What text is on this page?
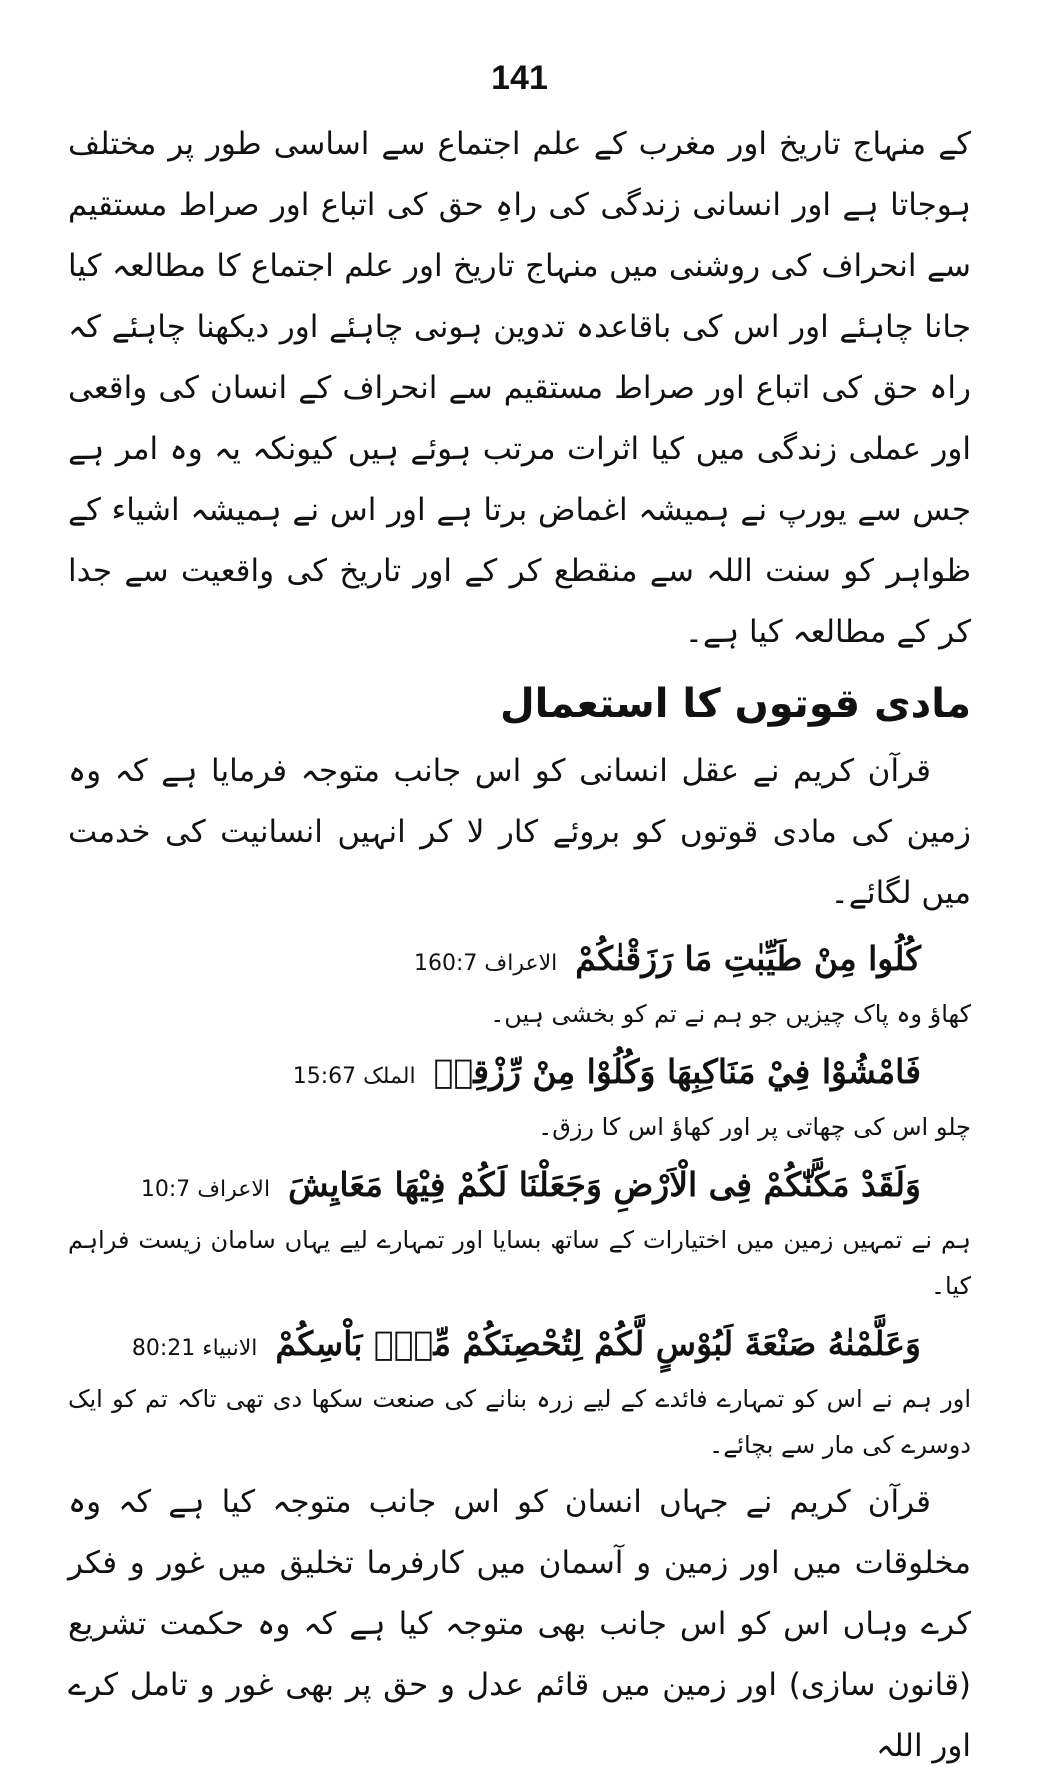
141

کے منہاج تاریخ اور مغرب کے علم اجتماع سے اساسی طور پر مختلف ہوجاتا ہے اور انسانی زندگی کی راہِ حق کی اتباع اور صراط مستقیم سے انحراف کی روشنی میں منہاج تاریخ اور علم اجتماع کا مطالعہ کیا جانا چاہئے اور اس کی باقاعدہ تدوین ہونی چاہئے اور دیکھنا چاہئے کہ راہ حق کی اتباع اور صراط مستقیم سے انحراف کے انسان کی واقعی اور عملی زندگی میں کیا اثرات مرتب ہوئے ہیں کیونکہ یہ وہ امر ہے جس سے یورپ نے ہمیشہ اغماض برتا ہے اور اس نے ہمیشہ اشیاء کے ظواہر کو سنت اللہ سے منقطع کر کے اور تاریخ کی واقعیت سے جدا کر کے مطالعہ کیا ہے۔

مادی قوتوں کا استعمال

قرآن کریم نے عقل انسانی کو اس جانب متوجہ فرمایا ہے کہ وہ زمین کی مادی قوتوں کو بروئے کار لا کر انہیں انسانیت کی خدمت میں لگائے۔

كُلُوا مِنْ طَيِّبٰتِ مَا رَزَقْنٰكُمْ
الاعراف 160:7

کھاؤ وہ پاک چیزیں جو ہم نے تم کو بخشی ہیں۔

فَامْشُوْا فِيْ مَنَاكِبِهَا وَكُلُوْا مِنْ رِّزْقِهٖ
الملک 15:67

چلو اس کی چھاتی پر اور کھاؤ اس کا رزق۔

وَلَقَدْ مَكَّنّٰكُمْ فِى الْاَرْضِ وَجَعَلْنَا لَكُمْ فِيْهَا مَعَايِشَ
الاعراف 10:7

ہم نے تمہیں زمین میں اختیارات کے ساتھ بسایا اور تمہارے لیے یہاں سامان زیست فراہم کیا۔

وَعَلَّمْنٰهُ صَنْعَةَ لَبُوْسٍ لَّكُمْ لِتُحْصِنَكُمْ مِّنْۢ بَاْسِكُمْ
الانبیاء 80:21

اور ہم نے اس کو تمہارے فائدے کے لیے زرہ بنانے کی صنعت سکھا دی تھی تاکہ تم کو ایک دوسرے کی مار سے بچائے۔

قرآن کریم نے جہاں انسان کو اس جانب متوجہ کیا ہے کہ وہ مخلوقات میں اور زمین و آسمان میں کارفرما تخلیق میں غور و فکر کرے وہاں اس کو اس جانب بھی متوجہ کیا ہے کہ وہ حکمت تشریع (قانون سازی) اور زمین میں قائم عدل و حق پر بھی غور و تامل کرے اور اللہ
